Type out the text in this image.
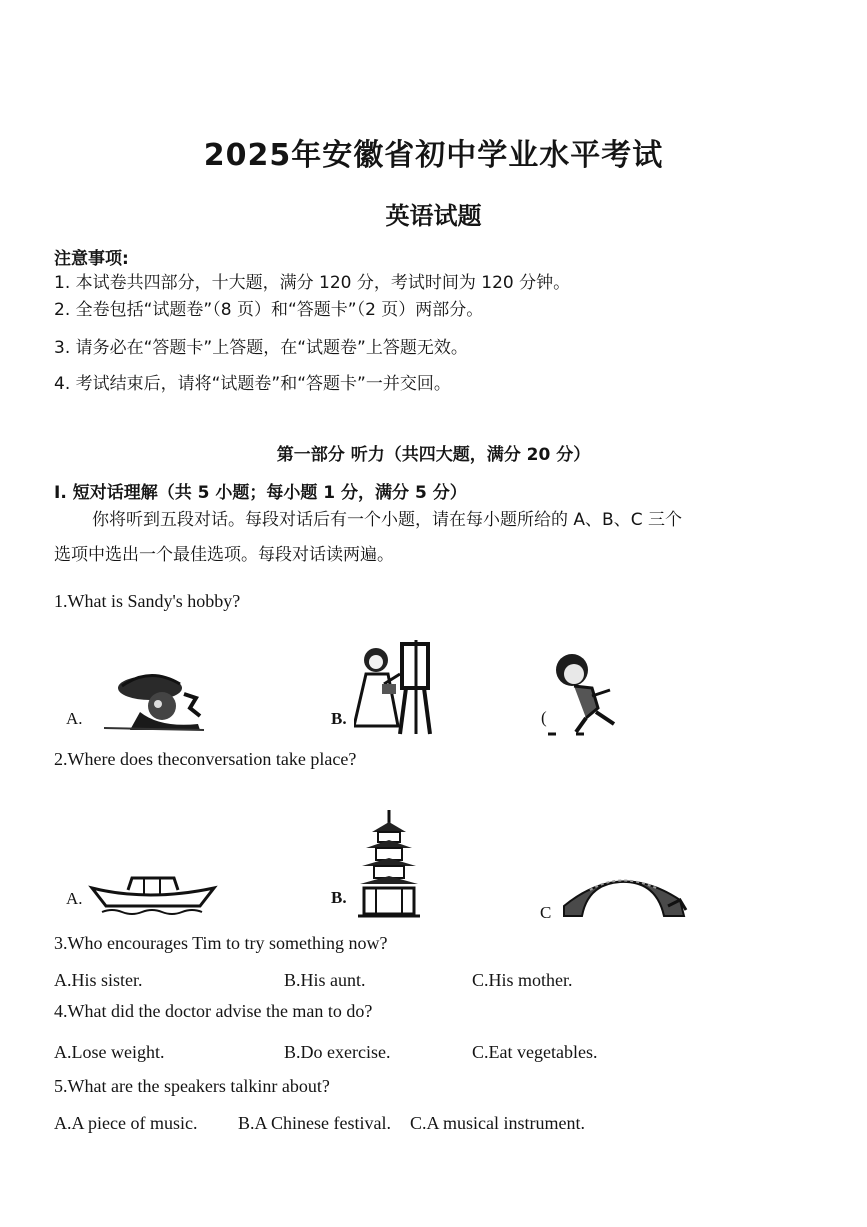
2025年安徽省初中学业水平考试
英语试题
注意事项:
1. 本试卷共四部分，十大题，满分 120 分，考试时间为 120 分钟。
2. 全卷包括“试题卷”（8 页）和“答题卡”（2 页）两部分。
3. 请务必在“答题卡”上答题，在“试题卷”上答题无效。
4. 考试结束后，请将“试题卷”和“答题卡”一并交回。
第一部分 听力（共四大题，满分 20 分）
I. 短对话理解（共 5 小题；每小题 1 分，满分 5 分）
你将听到五段对话。每段对话后有一个小题，请在每小题所给的 A、B、C 三个
选项中选出一个最佳选项。每段对话读两遍。
1.What is Sandy's hobby?
A.	B.	(
2.Where does theconversation take place?
A.	B.
C
3.Who encourages Tim to try something now?
A.His sister.	B.His aunt.	C.His mother.
4.What did the doctor advise the man to do?
A.Lose weight.	B.Do exercise.	C.Eat vegetables.
5.What are the speakers talkinr about?
A.A piece of music. B.A Chinese festival. C.A musical instrument.
